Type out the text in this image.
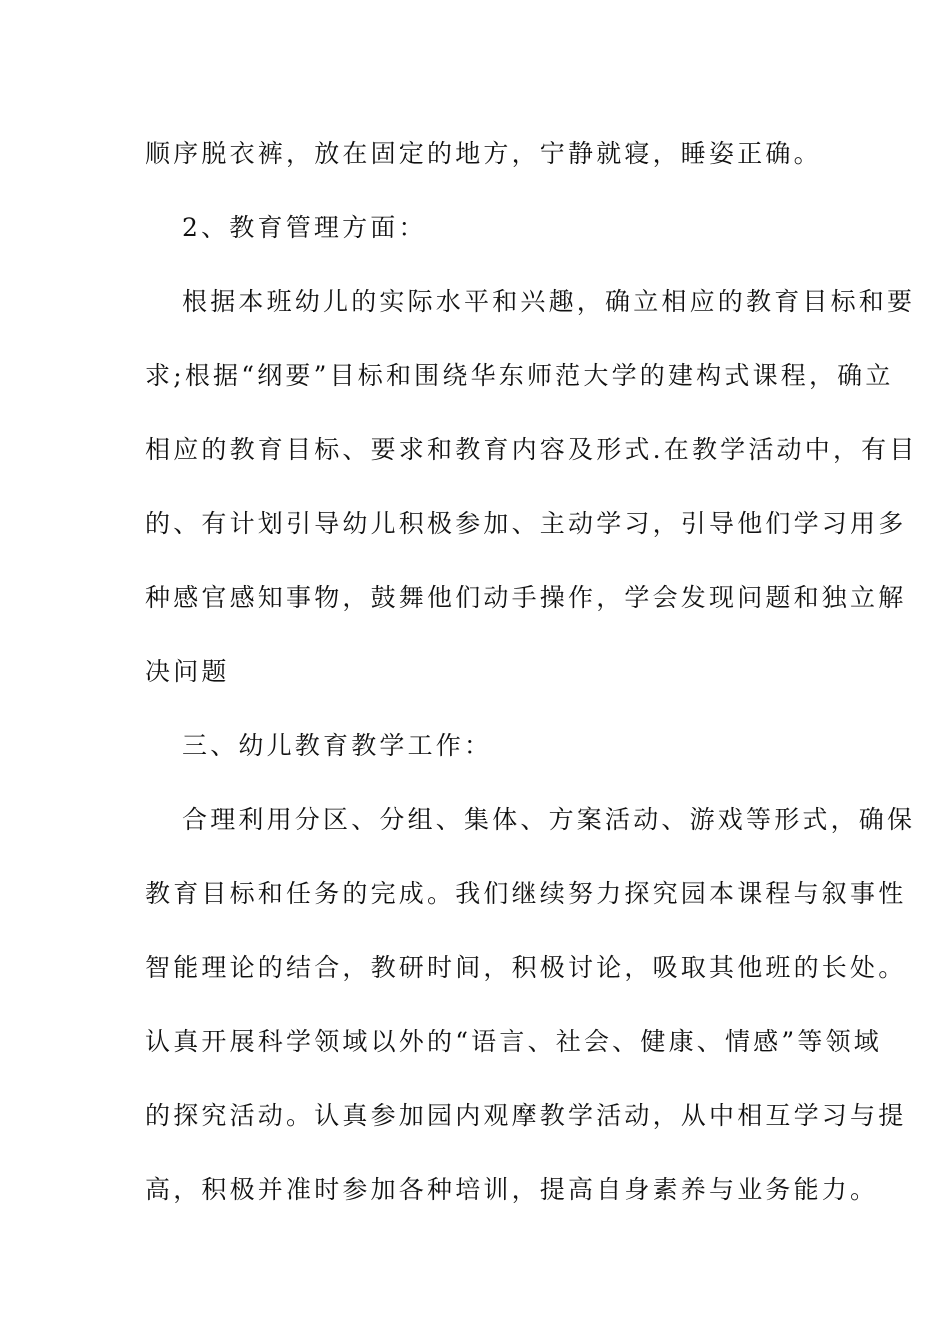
顺序脱衣裤，放在固定的地方，宁静就寝，睡姿正确。

2、教育管理方面：

根据本班幼儿的实际水平和兴趣，确立相应的教育目标和要

求;根据“纲要”目标和围绕华东师范大学的建构式课程，确立

相应的教育目标、要求和教育内容及形式.在教学活动中，有目

的、有计划引导幼儿积极参加、主动学习，引导他们学习用多

种感官感知事物，鼓舞他们动手操作，学会发现问题和独立解

决问题

三、幼儿教育教学工作：

合理利用分区、分组、集体、方案活动、游戏等形式，确保

教育目标和任务的完成。我们继续努力探究园本课程与叙事性

智能理论的结合，教研时间，积极讨论，吸取其他班的长处。

认真开展科学领域以外的“语言、社会、健康、情感”等领域

的探究活动。认真参加园内观摩教学活动，从中相互学习与提

高，积极并准时参加各种培训，提高自身素养与业务能力。
